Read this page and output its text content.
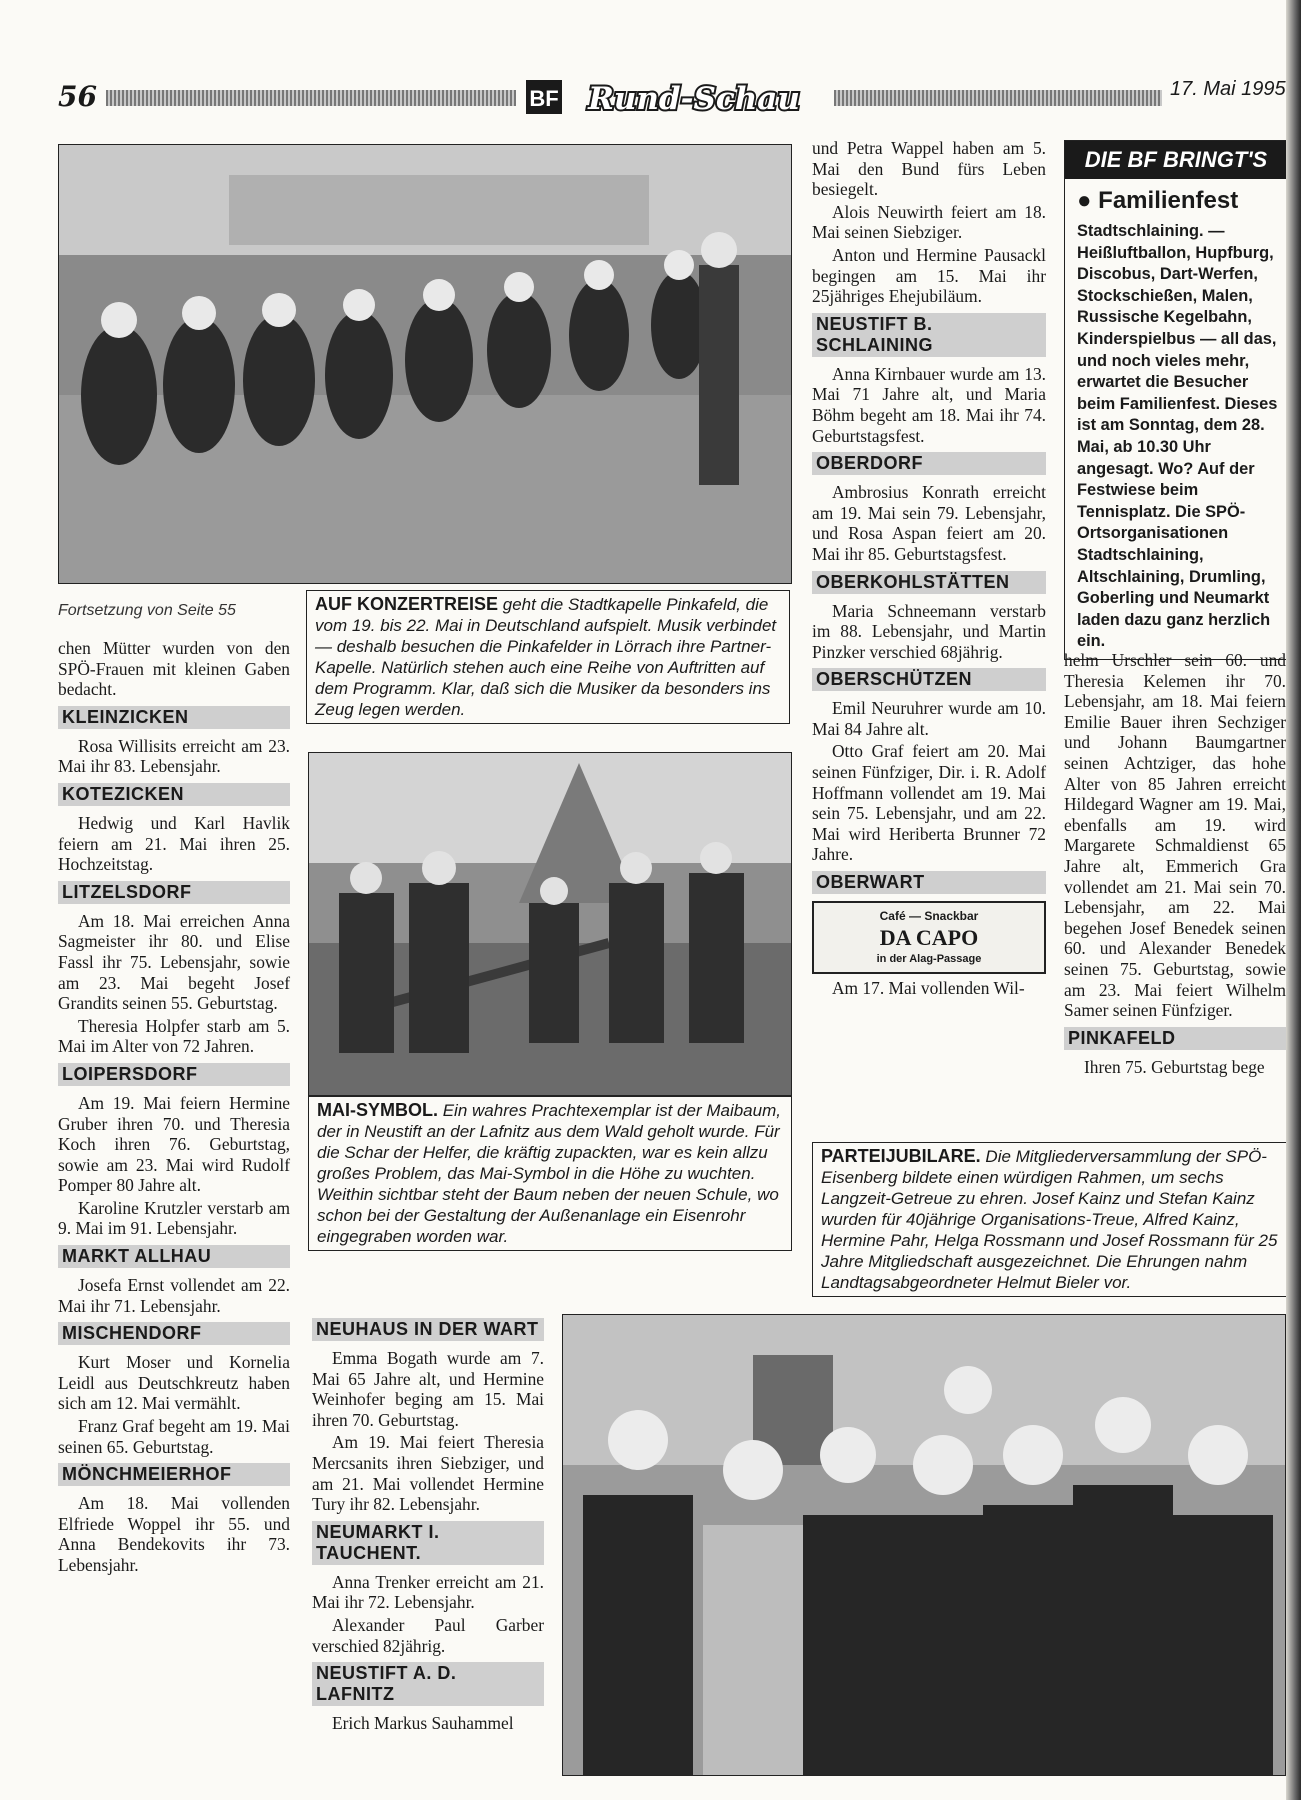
56	BF Rund-Schau	17. Mai 1995
AUF KONZERTREISE geht die Stadtkapelle Pinkafeld, die vom 19. bis 22. Mai in Deutschland aufspielt. Musik verbindet — deshalb besuchen die Pinkafelder in Lörrach ihre Partner-Kapelle. Natürlich stehen auch eine Reihe von Auftritten auf dem Programm. Klar, daß sich die Musiker da besonders ins Zeug legen werden.
Fortsetzung von Seite 55

chen Mütter wurden von den SPÖ-Frauen mit kleinen Gaben bedacht.

KLEINZICKEN

Rosa Willisits erreicht am 23. Mai ihr 83. Lebensjahr.

KOTEZICKEN

Hedwig und Karl Havlik feiern am 21. Mai ihren 25. Hochzeitstag.

LITZELSDORF

Am 18. Mai erreichen Anna Sagmeister ihr 80. und Elise Fassl ihr 75. Lebensjahr, sowie am 23. Mai begeht Josef Grandits seinen 55. Geburtstag.

Theresia Holpfer starb am 5. Mai im Alter von 72 Jahren.

LOIPERSDORF

Am 19. Mai feiern Hermine Gruber ihren 70. und Theresia Koch ihren 76. Geburtstag, sowie am 23. Mai wird Rudolf Pomper 80 Jahre alt.

Karoline Krutzler verstarb am 9. Mai im 91. Lebensjahr.

MARKT ALLHAU

Josefa Ernst vollendet am 22. Mai ihr 71. Lebensjahr.

MISCHENDORF

Kurt Moser und Kornelia Leidl aus Deutschkreutz haben sich am 12. Mai vermählt.

Franz Graf begeht am 19. Mai seinen 65. Geburtstag.

MÖNCHMEIERHOF

Am 18. Mai vollenden Elfriede Woppel ihr 55. und Anna Bendekovits ihr 73. Lebensjahr.

MAI-SYMBOL. Ein wahres Prachtexemplar ist der Maibaum, der in Neustift an der Lafnitz aus dem Wald geholt wurde. Für die Schar der Helfer, die kräftig zupackten, war es kein allzu großes Problem, das Mai-Symbol in die Höhe zu wuchten. Weithin sichtbar steht der Baum neben der neuen Schule, wo schon bei der Gestaltung der Außenanlage ein Eisenrohr eingegraben worden war.
NEUHAUS IN DER WART

Emma Bogath wurde am 7. Mai 65 Jahre alt, und Hermine Weinhofer beging am 15. Mai ihren 70. Geburtstag.

Am 19. Mai feiert Theresia Mercsanits ihren Siebziger, und am 21. Mai vollendet Hermine Tury ihr 82. Lebensjahr.

NEUMARKT I. TAUCHENT.

Anna Trenker erreicht am 21. Mai ihr 72. Lebensjahr.

Alexander Paul Garber verschied 82jährig.

NEUSTIFT A. D. LAFNITZ

Erich Markus Sauhammel

PARTEIJUBILARE. Die Mitgliederversammlung der SPÖ-Eisenberg bildete einen würdigen Rahmen, um sechs Langzeit-Getreue zu ehren. Josef Kainz und Stefan Kainz wurden für 40jährige Organisations-Treue, Alfred Kainz, Hermine Pahr, Helga Rossmann und Josef Rossmann für 25 Jahre Mitgliedschaft ausgezeichnet. Die Ehrungen nahm Landtagsabgeordneter Helmut Bieler vor.

und Petra Wappel haben am 5. Mai den Bund fürs Leben besiegelt.

Alois Neuwirth feiert am 18. Mai seinen Siebziger.

Anton und Hermine Pausackl begingen am 15. Mai ihr 25jähriges Ehejubiläum.

NEUSTIFT B. SCHLAINING

Anna Kirnbauer wurde am 13. Mai 71 Jahre alt, und Maria Böhm begeht am 18. Mai ihr 74. Geburtstagsfest.

OBERDORF

Ambrosius Konrath erreicht am 19. Mai sein 79. Lebensjahr, und Rosa Aspan feiert am 20. Mai ihr 85. Geburtstagsfest.

OBERKOHLSTÄTTEN

Maria Schneemann verstarb im 88. Lebensjahr, und Martin Pinzker verschied 68jährig.

OBERSCHÜTZEN

Emil Neuruhrer wurde am 10. Mai 84 Jahre alt.

Otto Graf feiert am 20. Mai seinen Fünfziger, Dir. i. R. Adolf Hoffmann vollendet am 19. Mai sein 75. Lebensjahr, und am 22. Mai wird Heriberta Brunner 72 Jahre.

OBERWART
Café — Snackbar
DA CAPO
in der Alag-Passage

Am 17. Mai vollenden Wil-

DIE BF BRINGT'S
● Familienfest
Stadtschlaining. — Heißluftballon, Hupfburg, Discobus, Dart-Werfen, Stockschießen, Malen, Russische Kegelbahn, Kinderspielbus — all das, und noch vieles mehr, erwartet die Besucher beim Familienfest. Dieses ist am Sonntag, dem 28. Mai, ab 10.30 Uhr angesagt. Wo? Auf der Festwiese beim Tennisplatz. Die SPÖ-Ortsorganisationen Stadtschlaining, Altschlaining, Drumling, Goberling und Neumarkt laden dazu ganz herzlich ein.

helm Urschler sein 60. und Theresia Kelemen ihr 70. Lebensjahr, am 18. Mai feiern Emilie Bauer ihren Sechziger und Johann Baumgartner seinen Achtziger, das hohe Alter von 85 Jahren erreicht Hildegard Wagner am 19. Mai, ebenfalls am 19. wird Margarete Schmaldienst 65 Jahre alt, Emmerich Gra vollendet am 21. Mai sein 70. Lebensjahr, am 22. Mai begehen Josef Benedek seinen 60. und Alexander Benedek seinen 75. Geburtstag, sowie am 23. Mai feiert Wilhelm Samer seinen Fünfziger.

PINKAFELD

Ihren 75. Geburtstag bege
